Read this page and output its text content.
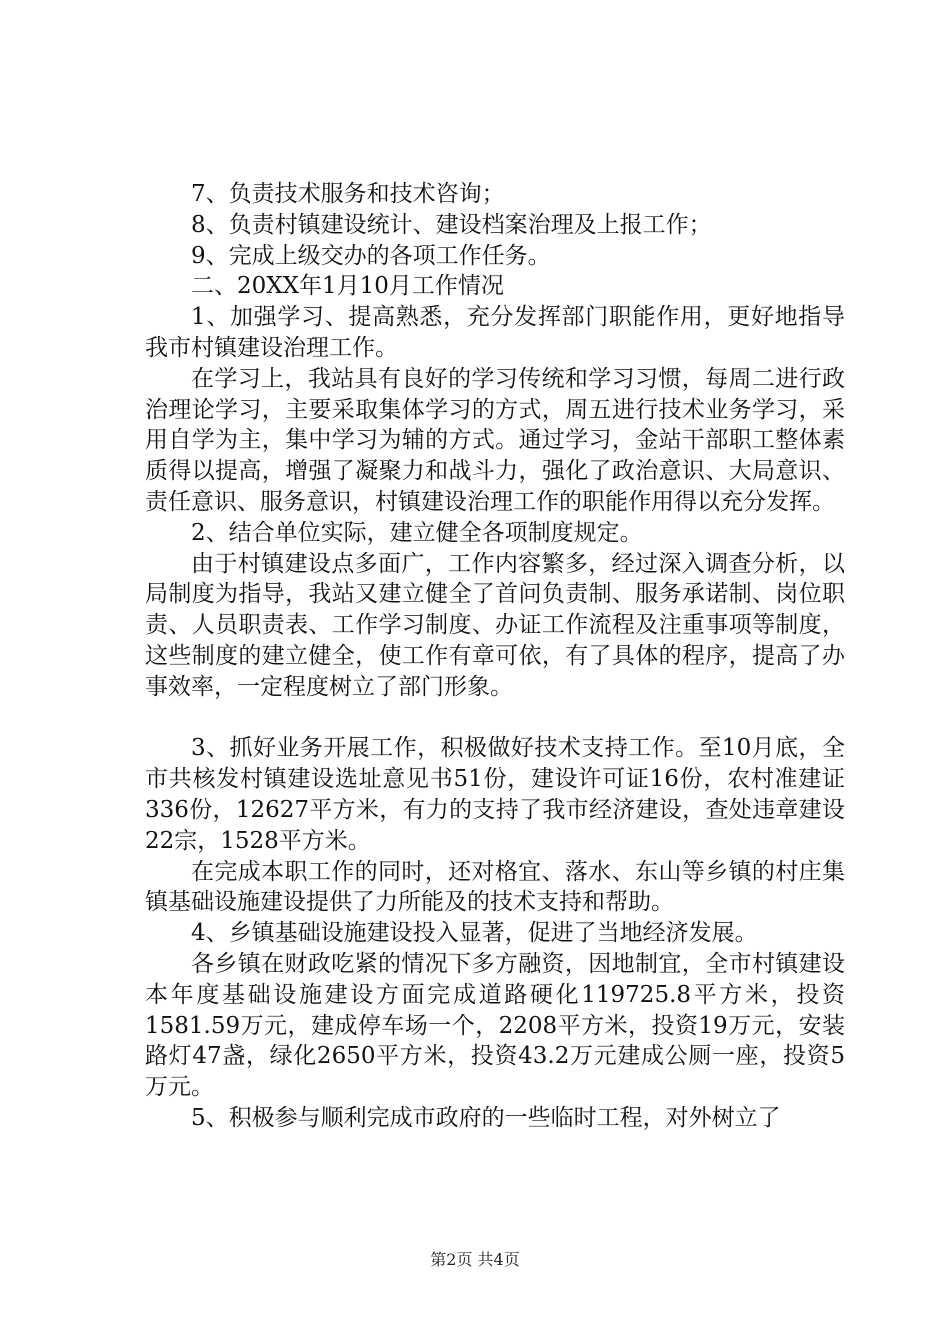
7、负责技术服务和技术咨询；

8、负责村镇建设统计、建设档案治理及上报工作；

9、完成上级交办的各项工作任务。

二、20XX年1月10月工作情况

1、加强学习、提高熟悉，充分发挥部门职能作用，更好地指导我市村镇建设治理工作。

在学习上，我站具有良好的学习传统和学习习惯，每周二进行政治理论学习，主要采取集体学习的方式，周五进行技术业务学习，采用自学为主，集中学习为辅的方式。通过学习，金站干部职工整体素质得以提高，增强了凝聚力和战斗力，强化了政治意识、大局意识、责任意识、服务意识，村镇建设治理工作的职能作用得以充分发挥。

2、结合单位实际，建立健全各项制度规定。

由于村镇建设点多面广，工作内容繁多，经过深入调查分析，以局制度为指导，我站又建立健全了首问负责制、服务承诺制、岗位职责、人员职责表、工作学习制度、办证工作流程及注重事项等制度，这些制度的建立健全，使工作有章可依，有了具体的程序，提高了办事效率，一定程度树立了部门形象。

3、抓好业务开展工作，积极做好技术支持工作。至10月底，全市共核发村镇建设选址意见书51份，建设许可证16份，农村准建证336份，12627平方米，有力的支持了我市经济建设，查处违章建设22宗，1528平方米。

在完成本职工作的同时，还对格宜、落水、东山等乡镇的村庄集镇基础设施建设提供了力所能及的技术支持和帮助。

4、乡镇基础设施建设投入显著，促进了当地经济发展。

各乡镇在财政吃紧的情况下多方融资，因地制宜，全市村镇建设本年度基础设施建设方面完成道路硬化119725.8平方米，投资1581.59万元，建成停车场一个，2208平方米，投资19万元，安装路灯47盏，绿化2650平方米，投资43.2万元建成公厕一座，投资5万元。

5、积极参与顺利完成市政府的一些临时工程，对外树立了

第2页 共4页
